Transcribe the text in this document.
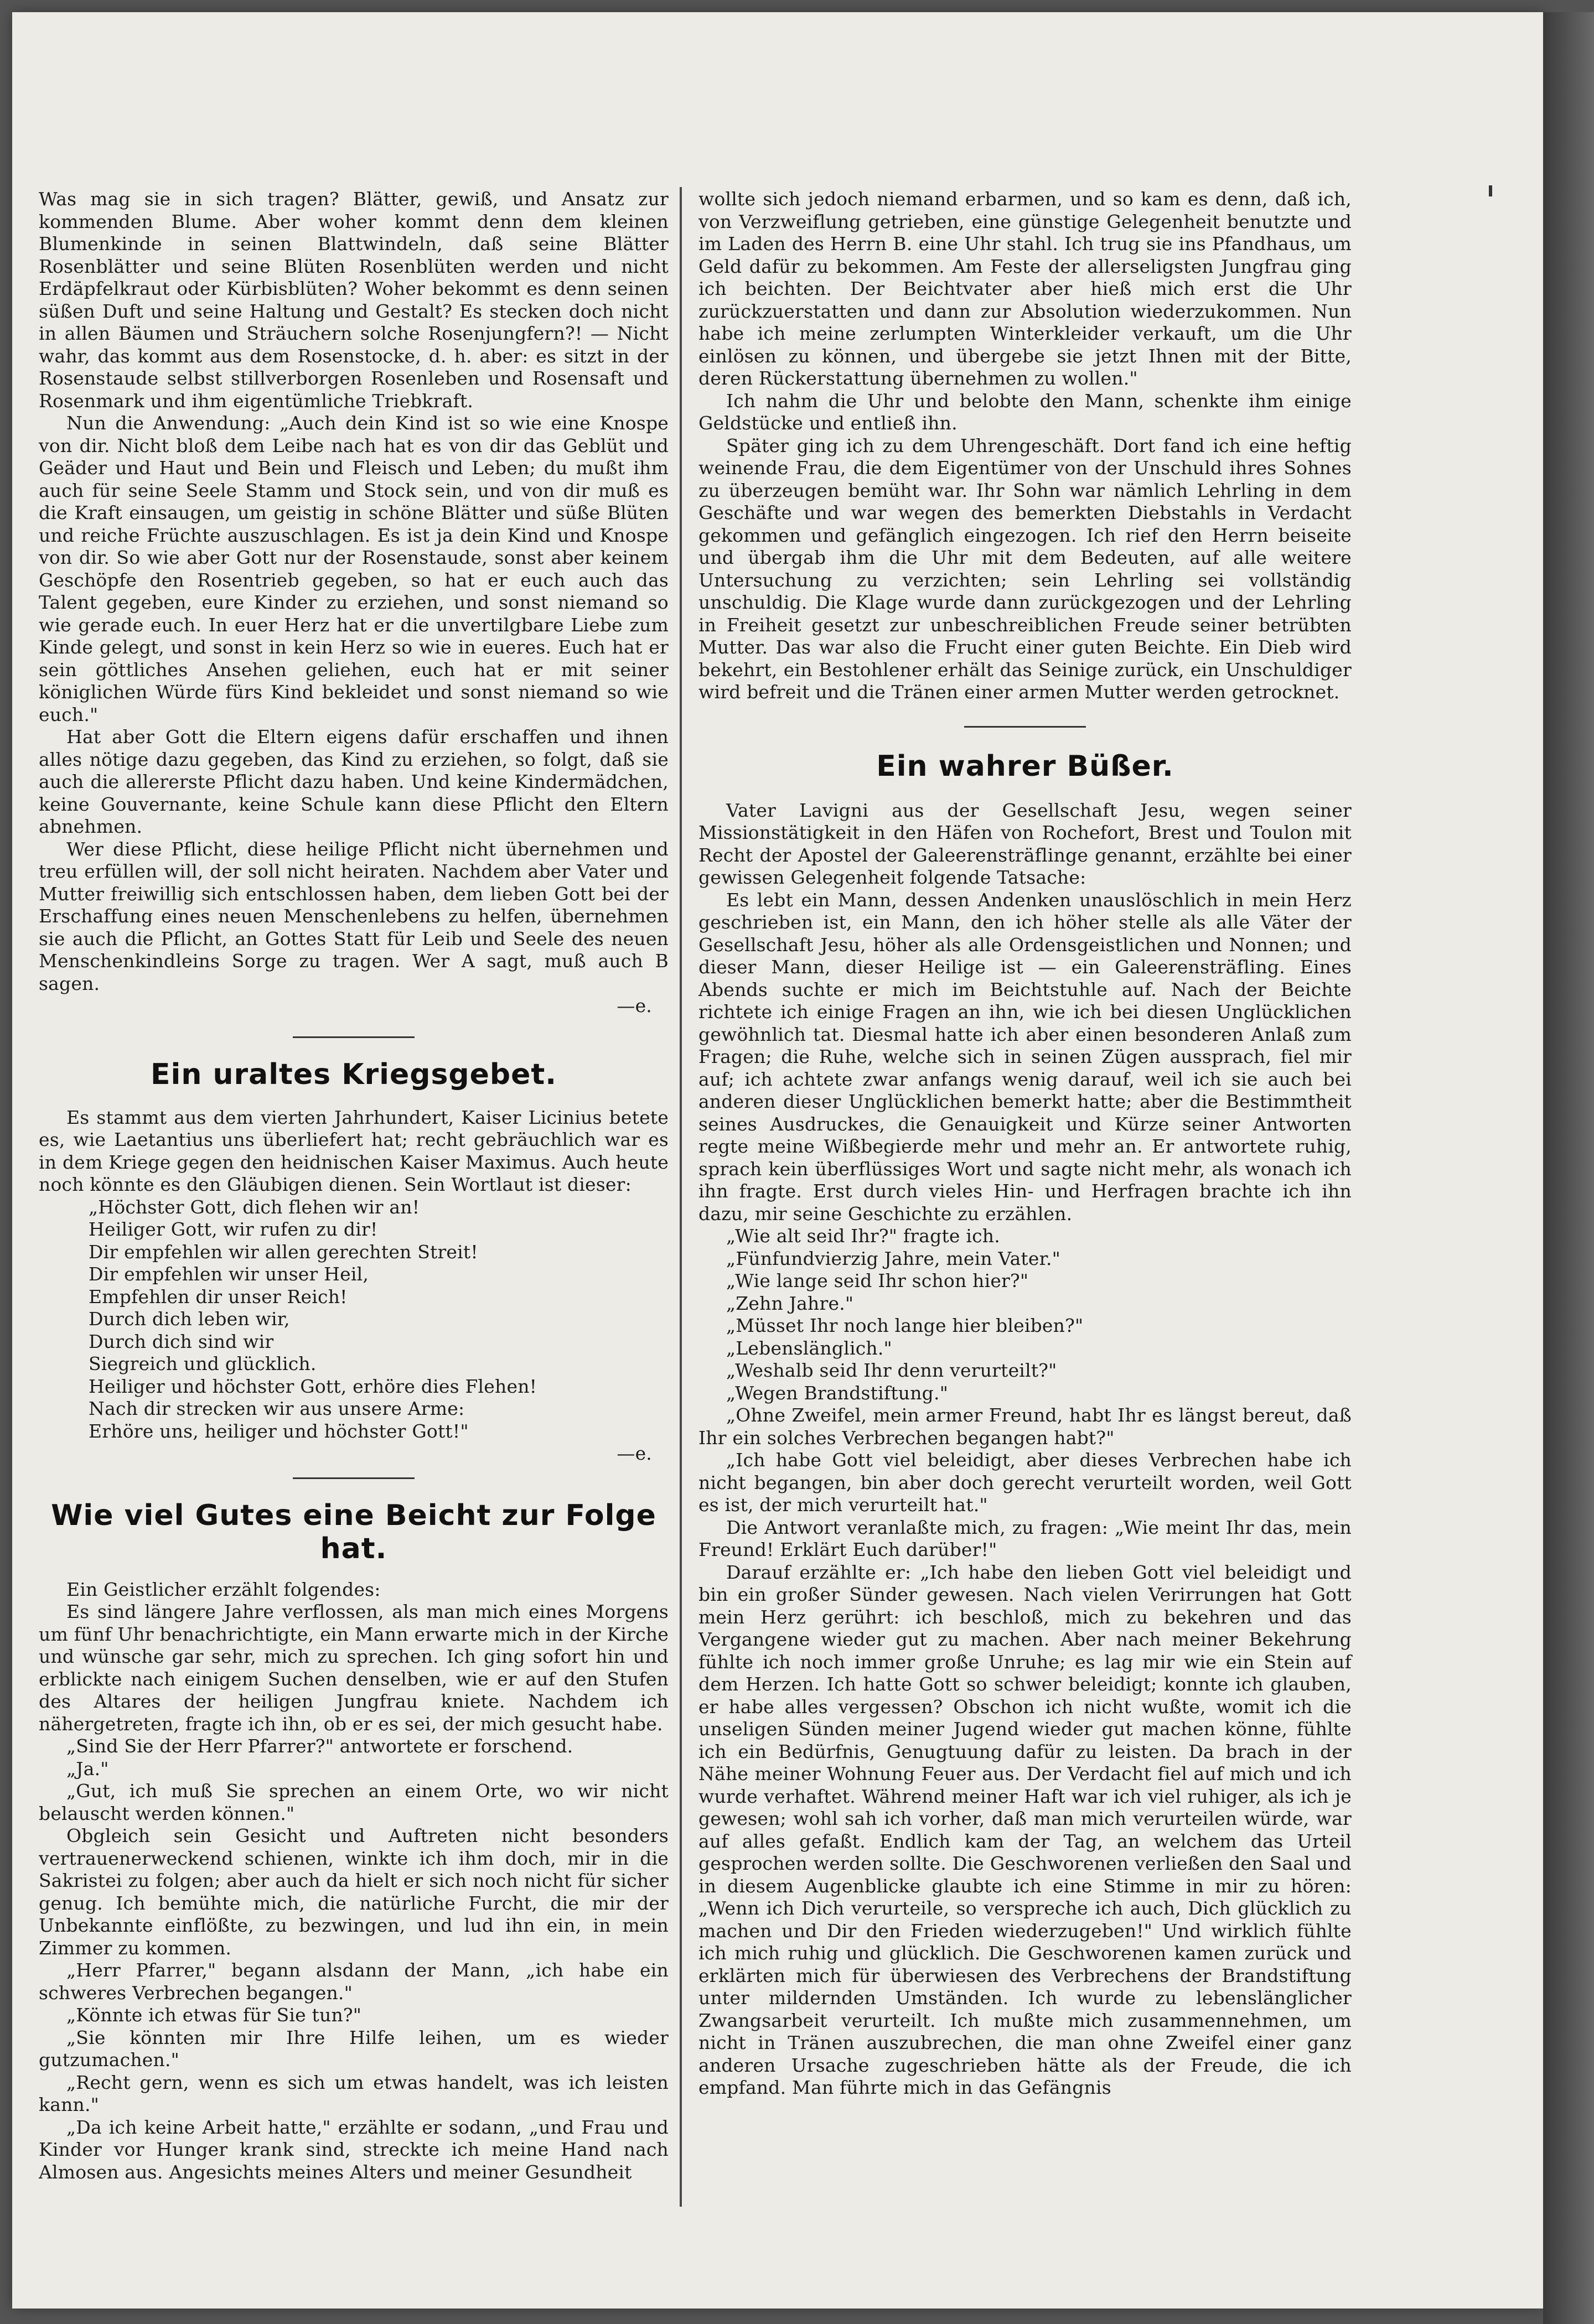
Was mag sie in sich tragen? Blätter, gewiß, und Ansatz zur kommenden Blume. Aber woher kommt denn dem kleinen Blumenkinde in seinen Blattwindeln, daß seine Blätter Rosenblätter und seine Blüten Rosenblüten werden und nicht Erdäpfelkraut oder Kürbisblüten? Woher bekommt es denn seinen süßen Duft und seine Haltung und Gestalt? Es stecken doch nicht in allen Bäumen und Sträuchern solche Rosenjungfern?! — Nicht wahr, das kommt aus dem Rosenstocke, d. h. aber: es sitzt in der Rosenstaude selbst stillverborgen Rosenleben und Rosensaft und Rosenmark und ihm eigentümliche Triebkraft.

Nun die Anwendung: „Auch dein Kind ist so wie eine Knospe von dir. Nicht bloß dem Leibe nach hat es von dir das Geblüt und Geäder und Haut und Bein und Fleisch und Leben; du mußt ihm auch für seine Seele Stamm und Stock sein, und von dir muß es die Kraft einsaugen, um geistig in schöne Blätter und süße Blüten und reiche Früchte auszuschlagen. Es ist ja dein Kind und Knospe von dir. So wie aber Gott nur der Rosenstaude, sonst aber keinem Geschöpfe den Rosentrieb gegeben, so hat er euch auch das Talent gegeben, eure Kinder zu erziehen, und sonst niemand so wie gerade euch. In euer Herz hat er die unvertilgbare Liebe zum Kinde gelegt, und sonst in kein Herz so wie in eueres. Euch hat er sein göttliches Ansehen geliehen, euch hat er mit seiner königlichen Würde fürs Kind bekleidet und sonst niemand so wie euch."

Hat aber Gott die Eltern eigens dafür erschaffen und ihnen alles nötige dazu gegeben, das Kind zu erziehen, so folgt, daß sie auch die allererste Pflicht dazu haben. Und keine Kindermädchen, keine Gouvernante, keine Schule kann diese Pflicht den Eltern abnehmen.

Wer diese Pflicht, diese heilige Pflicht nicht übernehmen und treu erfüllen will, der soll nicht heiraten. Nachdem aber Vater und Mutter freiwillig sich entschlossen haben, dem lieben Gott bei der Erschaffung eines neuen Menschenlebens zu helfen, übernehmen sie auch die Pflicht, an Gottes Statt für Leib und Seele des neuen Menschenkindleins Sorge zu tragen. Wer A sagt, muß auch B sagen.

—e.

Ein uraltes Kriegsgebet.

Es stammt aus dem vierten Jahrhundert, Kaiser Licinius betete es, wie Laetantius uns überliefert hat; recht gebräuchlich war es in dem Kriege gegen den heidnischen Kaiser Maximus. Auch heute noch könnte es den Gläubigen dienen. Sein Wortlaut ist dieser:

„Höchster Gott, dich flehen wir an!

Heiliger Gott, wir rufen zu dir!

Dir empfehlen wir allen gerechten Streit!

Dir empfehlen wir unser Heil,

Empfehlen dir unser Reich!

Durch dich leben wir,

Durch dich sind wir

Siegreich und glücklich.

Heiliger und höchster Gott, erhöre dies Flehen!

Nach dir strecken wir aus unsere Arme:

Erhöre uns, heiliger und höchster Gott!"

—e.

Wie viel Gutes eine Beicht zur Folge hat.

Ein Geistlicher erzählt folgendes:

Es sind längere Jahre verflossen, als man mich eines Morgens um fünf Uhr benachrichtigte, ein Mann erwarte mich in der Kirche und wünsche gar sehr, mich zu sprechen. Ich ging sofort hin und erblickte nach einigem Suchen denselben, wie er auf den Stufen des Altares der heiligen Jungfrau kniete. Nachdem ich nähergetreten, fragte ich ihn, ob er es sei, der mich gesucht habe.

„Sind Sie der Herr Pfarrer?" antwortete er forschend.

„Ja."

„Gut, ich muß Sie sprechen an einem Orte, wo wir nicht belauscht werden können."

Obgleich sein Gesicht und Auftreten nicht besonders vertrauenerweckend schienen, winkte ich ihm doch, mir in die Sakristei zu folgen; aber auch da hielt er sich noch nicht für sicher genug. Ich bemühte mich, die natürliche Furcht, die mir der Unbekannte einflößte, zu bezwingen, und lud ihn ein, in mein Zimmer zu kommen.

„Herr Pfarrer," begann alsdann der Mann, „ich habe ein schweres Verbrechen begangen."

„Könnte ich etwas für Sie tun?"

„Sie könnten mir Ihre Hilfe leihen, um es wieder gutzumachen."

„Recht gern, wenn es sich um etwas handelt, was ich leisten kann."

„Da ich keine Arbeit hatte," erzählte er sodann, „und Frau und Kinder vor Hunger krank sind, streckte ich meine Hand nach Almosen aus. Angesichts meines Alters und meiner Gesundheit

wollte sich jedoch niemand erbarmen, und so kam es denn, daß ich, von Verzweiflung getrieben, eine günstige Gelegenheit benutzte und im Laden des Herrn B. eine Uhr stahl. Ich trug sie ins Pfandhaus, um Geld dafür zu bekommen. Am Feste der allerseligsten Jungfrau ging ich beichten. Der Beichtvater aber hieß mich erst die Uhr zurückzuerstatten und dann zur Absolution wiederzukommen. Nun habe ich meine zerlumpten Winterkleider verkauft, um die Uhr einlösen zu können, und übergebe sie jetzt Ihnen mit der Bitte, deren Rückerstattung übernehmen zu wollen."

Ich nahm die Uhr und belobte den Mann, schenkte ihm einige Geldstücke und entließ ihn.

Später ging ich zu dem Uhrengeschäft. Dort fand ich eine heftig weinende Frau, die dem Eigentümer von der Unschuld ihres Sohnes zu überzeugen bemüht war. Ihr Sohn war nämlich Lehrling in dem Geschäfte und war wegen des bemerkten Diebstahls in Verdacht gekommen und gefänglich eingezogen. Ich rief den Herrn beiseite und übergab ihm die Uhr mit dem Bedeuten, auf alle weitere Untersuchung zu verzichten; sein Lehrling sei vollständig unschuldig. Die Klage wurde dann zurückgezogen und der Lehrling in Freiheit gesetzt zur unbeschreiblichen Freude seiner betrübten Mutter. Das war also die Frucht einer guten Beichte. Ein Dieb wird bekehrt, ein Bestohlener erhält das Seinige zurück, ein Unschuldiger wird befreit und die Tränen einer armen Mutter werden getrocknet.

Ein wahrer Büßer.

Vater Lavigni aus der Gesellschaft Jesu, wegen seiner Missionstätigkeit in den Häfen von Rochefort, Brest und Toulon mit Recht der Apostel der Galeerensträflinge genannt, erzählte bei einer gewissen Gelegenheit folgende Tatsache:

Es lebt ein Mann, dessen Andenken unauslöschlich in mein Herz geschrieben ist, ein Mann, den ich höher stelle als alle Väter der Gesellschaft Jesu, höher als alle Ordensgeistlichen und Nonnen; und dieser Mann, dieser Heilige ist — ein Galeerensträfling. Eines Abends suchte er mich im Beichtstuhle auf. Nach der Beichte richtete ich einige Fragen an ihn, wie ich bei diesen Unglücklichen gewöhnlich tat. Diesmal hatte ich aber einen besonderen Anlaß zum Fragen; die Ruhe, welche sich in seinen Zügen aussprach, fiel mir auf; ich achtete zwar anfangs wenig darauf, weil ich sie auch bei anderen dieser Unglücklichen bemerkt hatte; aber die Bestimmtheit seines Ausdruckes, die Genauigkeit und Kürze seiner Antworten regte meine Wißbegierde mehr und mehr an. Er antwortete ruhig, sprach kein überflüssiges Wort und sagte nicht mehr, als wonach ich ihn fragte. Erst durch vieles Hin- und Herfragen brachte ich ihn dazu, mir seine Geschichte zu erzählen.

„Wie alt seid Ihr?" fragte ich.

„Fünfundvierzig Jahre, mein Vater."

„Wie lange seid Ihr schon hier?"

„Zehn Jahre."

„Müsset Ihr noch lange hier bleiben?"

„Lebenslänglich."

„Weshalb seid Ihr denn verurteilt?"

„Wegen Brandstiftung."

„Ohne Zweifel, mein armer Freund, habt Ihr es längst bereut, daß Ihr ein solches Verbrechen begangen habt?"

„Ich habe Gott viel beleidigt, aber dieses Verbrechen habe ich nicht begangen, bin aber doch gerecht verurteilt worden, weil Gott es ist, der mich verurteilt hat."

Die Antwort veranlaßte mich, zu fragen: „Wie meint Ihr das, mein Freund! Erklärt Euch darüber!"

Darauf erzählte er: „Ich habe den lieben Gott viel beleidigt und bin ein großer Sünder gewesen. Nach vielen Verirrungen hat Gott mein Herz gerührt: ich beschloß, mich zu bekehren und das Vergangene wieder gut zu machen. Aber nach meiner Bekehrung fühlte ich noch immer große Unruhe; es lag mir wie ein Stein auf dem Herzen. Ich hatte Gott so schwer beleidigt; konnte ich glauben, er habe alles vergessen? Obschon ich nicht wußte, womit ich die unseligen Sünden meiner Jugend wieder gut machen könne, fühlte ich ein Bedürfnis, Genugtuung dafür zu leisten. Da brach in der Nähe meiner Wohnung Feuer aus. Der Verdacht fiel auf mich und ich wurde verhaftet. Während meiner Haft war ich viel ruhiger, als ich je gewesen; wohl sah ich vorher, daß man mich verurteilen würde, war auf alles gefaßt. Endlich kam der Tag, an welchem das Urteil gesprochen werden sollte. Die Geschworenen verließen den Saal und in diesem Augenblicke glaubte ich eine Stimme in mir zu hören: „Wenn ich Dich verurteile, so verspreche ich auch, Dich glücklich zu machen und Dir den Frieden wiederzugeben!" Und wirklich fühlte ich mich ruhig und glücklich. Die Geschworenen kamen zurück und erklärten mich für überwiesen des Verbrechens der Brandstiftung unter mildernden Umständen. Ich wurde zu lebenslänglicher Zwangsarbeit verurteilt. Ich mußte mich zusammennehmen, um nicht in Tränen auszubrechen, die man ohne Zweifel einer ganz anderen Ursache zugeschrieben hätte als der Freude, die ich empfand. Man führte mich in das Gefängnis
